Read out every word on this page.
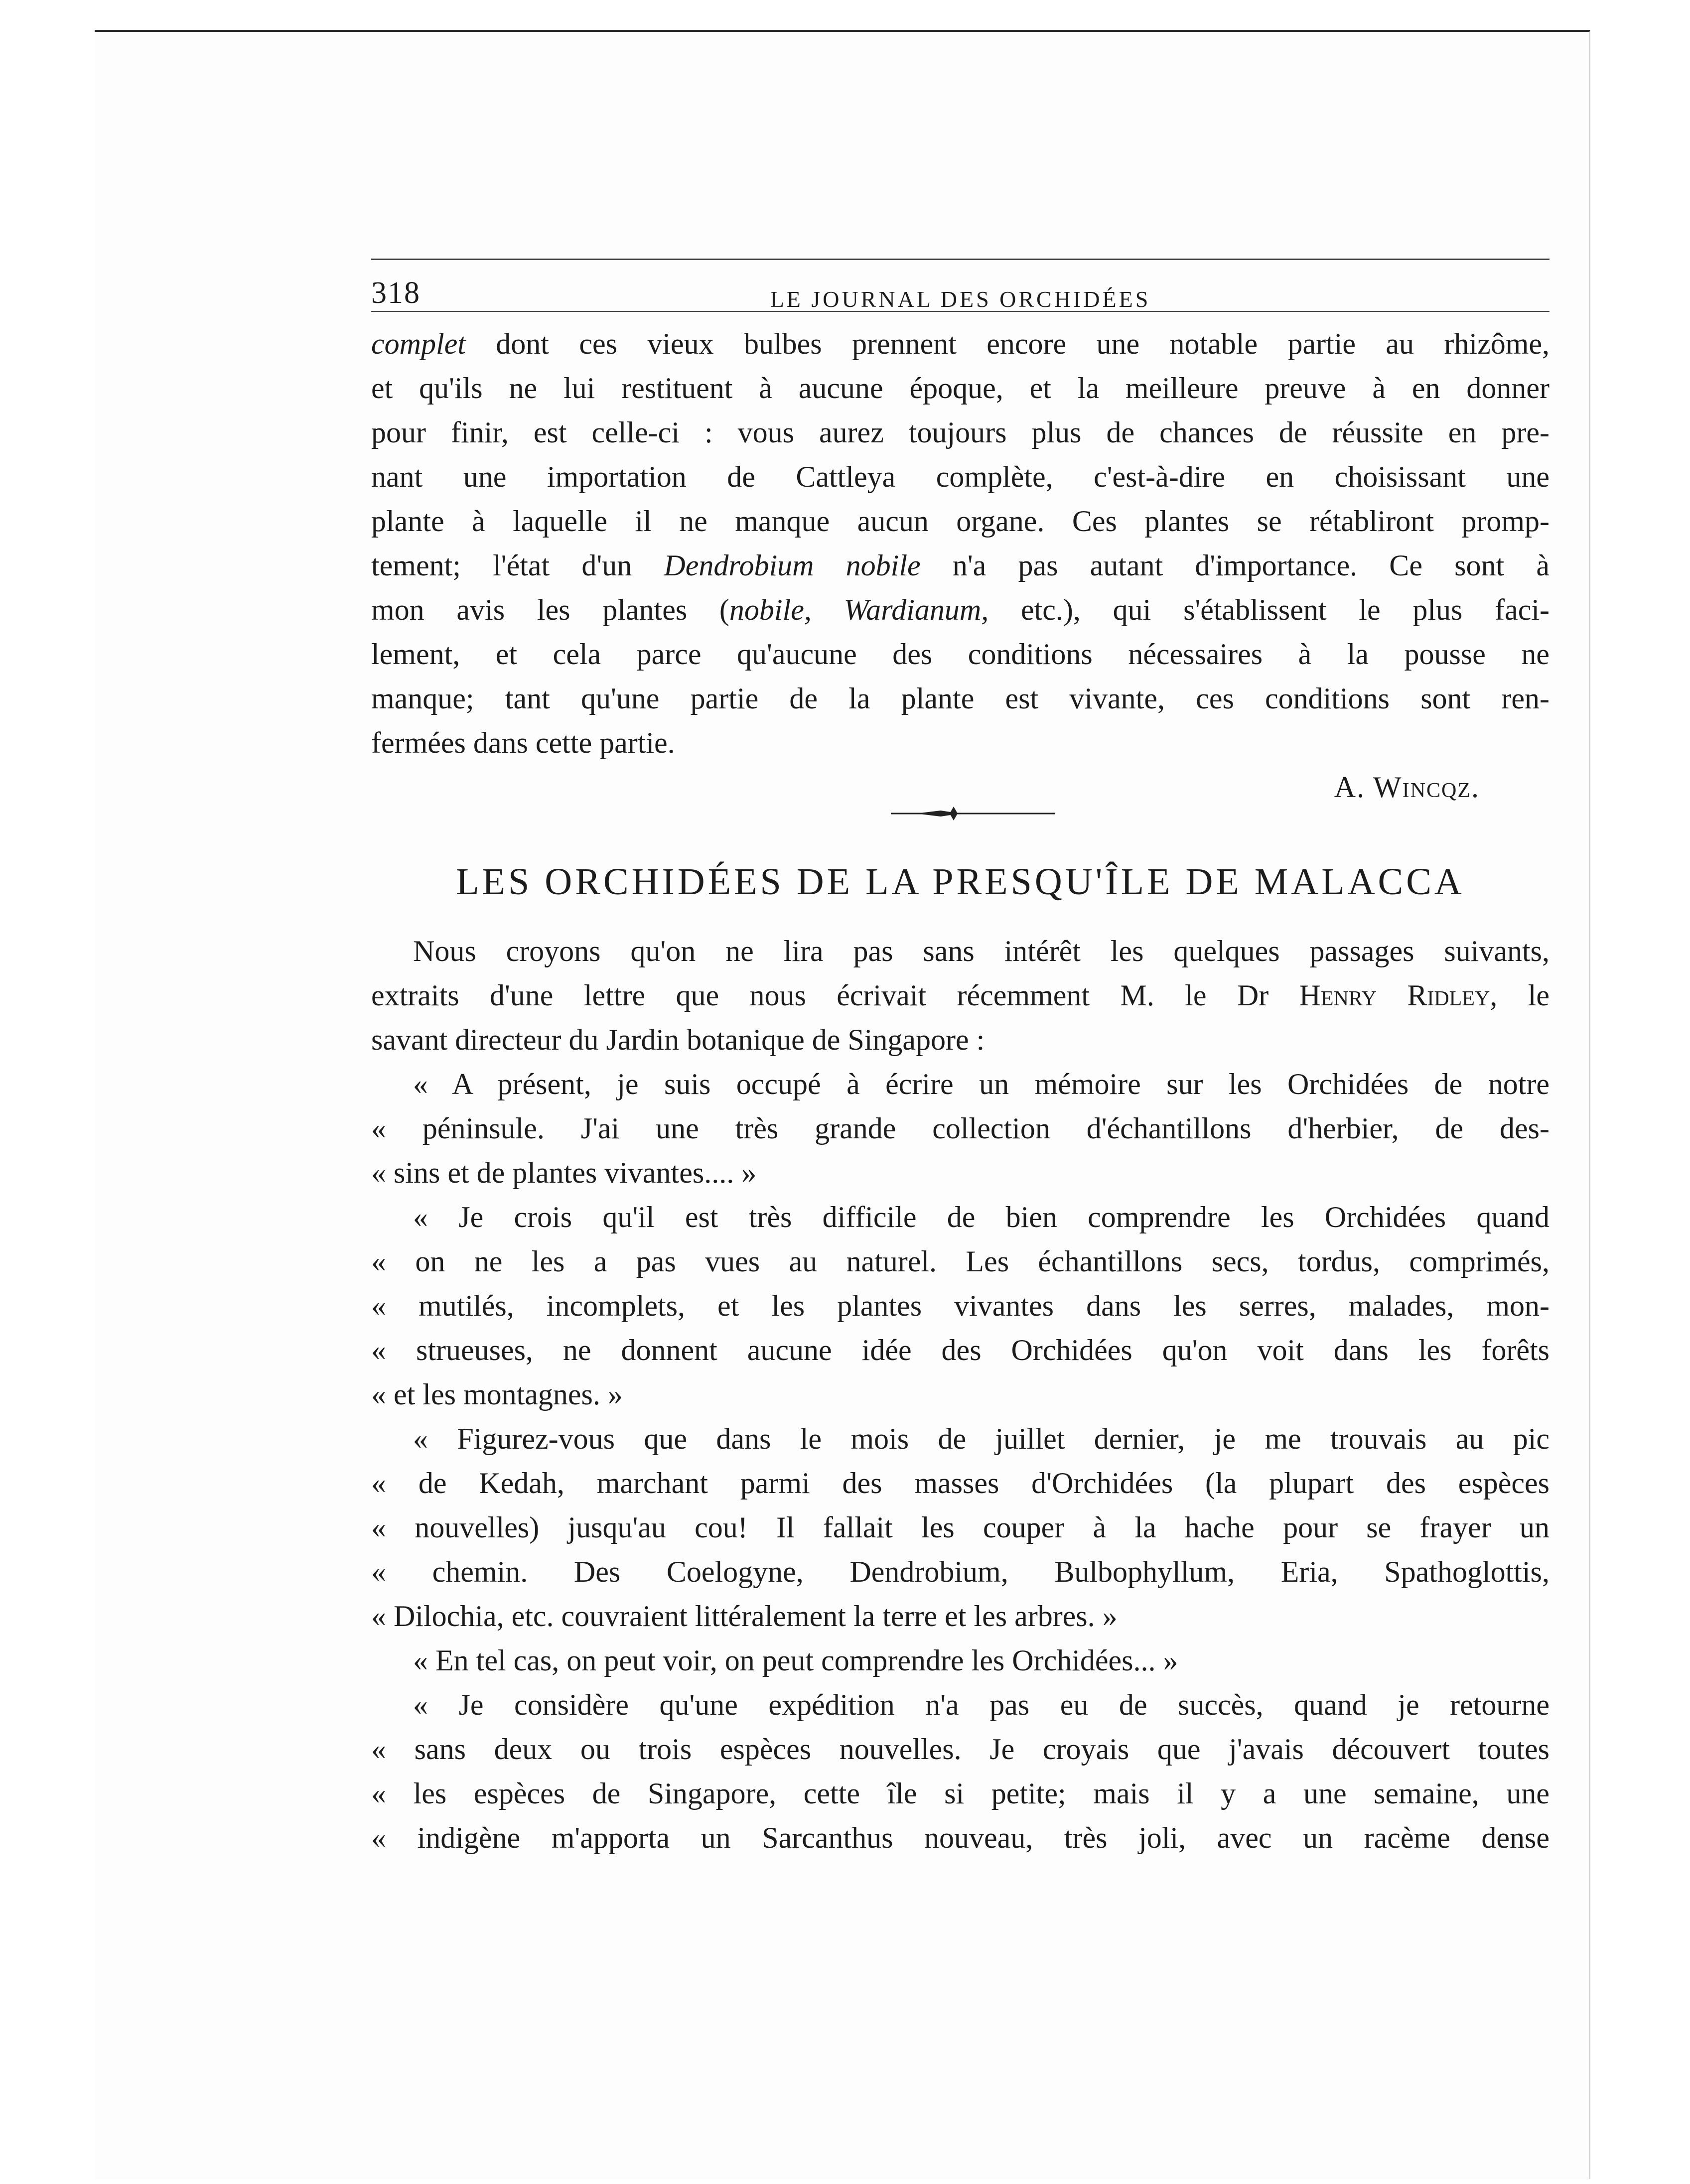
318	LE JOURNAL DES ORCHIDÉES
complet dont ces vieux bulbes prennent encore une notable partie au rhizôme,
et qu'ils ne lui restituent à aucune époque, et la meilleure preuve à en donner
pour finir, est celle-ci : vous aurez toujours plus de chances de réussite en pre-
nant une importation de Cattleya complète, c'est-à-dire en choisissant une
plante à laquelle il ne manque aucun organe. Ces plantes se rétabliront promp-
tement; l'état d'un Dendrobium nobile n'a pas autant d'importance. Ce sont à
mon avis les plantes (nobile, Wardianum, etc.), qui s'établissent le plus faci-
lement, et cela parce qu'aucune des conditions nécessaires à la pousse ne
manque; tant qu'une partie de la plante est vivante, ces conditions sont ren-
fermées dans cette partie.
A. Wincqz.
LES ORCHIDÉES DE LA PRESQU'ÎLE DE MALACCA
Nous croyons qu'on ne lira pas sans intérêt les quelques passages suivants,
extraits d'une lettre que nous écrivait récemment M. le Dr Henry Ridley, le
savant directeur du Jardin botanique de Singapore :
« A présent, je suis occupé à écrire un mémoire sur les Orchidées de notre
« péninsule. J'ai une très grande collection d'échantillons d'herbier, de des-
« sins et de plantes vivantes.... »
« Je crois qu'il est très difficile de bien comprendre les Orchidées quand
« on ne les a pas vues au naturel. Les échantillons secs, tordus, comprimés,
« mutilés, incomplets, et les plantes vivantes dans les serres, malades, mon-
« strueuses, ne donnent aucune idée des Orchidées qu'on voit dans les forêts
« et les montagnes. »
« Figurez-vous que dans le mois de juillet dernier, je me trouvais au pic
« de Kedah, marchant parmi des masses d'Orchidées (la plupart des espèces
« nouvelles) jusqu'au cou! Il fallait les couper à la hache pour se frayer un
« chemin. Des Coelogyne, Dendrobium, Bulbophyllum, Eria, Spathoglottis,
« Dilochia, etc. couvraient littéralement la terre et les arbres. »
« En tel cas, on peut voir, on peut comprendre les Orchidées... »
« Je considère qu'une expédition n'a pas eu de succès, quand je retourne
« sans deux ou trois espèces nouvelles. Je croyais que j'avais découvert toutes
« les espèces de Singapore, cette île si petite; mais il y a une semaine, une
« indigène m'apporta un Sarcanthus nouveau, très joli, avec un racème dense
